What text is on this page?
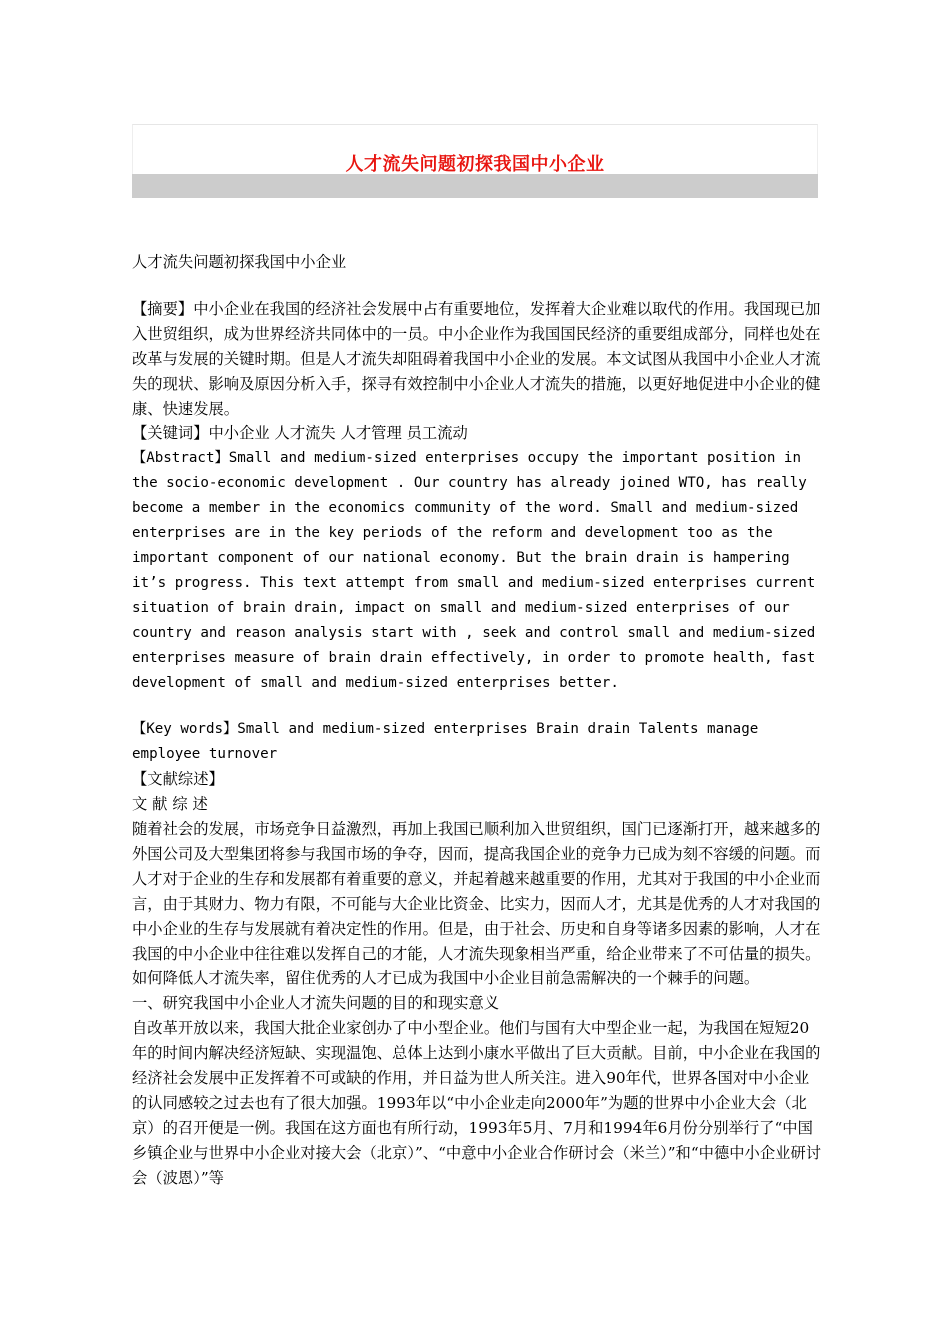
人才流失问题初探我国中小企业

人才流失问题初探我国中小企业

【摘要】中小企业在我国的经济社会发展中占有重要地位，发挥着大企业难以取代的作用。我国现已加入世贸组织，成为世界经济共同体中的一员。中小企业作为我国国民经济的重要组成部分，同样也处在改革与发展的关键时期。但是人才流失却阻碍着我国中小企业的发展。本文试图从我国中小企业人才流失的现状、影响及原因分析入手，探寻有效控制中小企业人才流失的措施，以更好地促进中小企业的健康、快速发展。

【关键词】中小企业 人才流失 人才管理 员工流动

【Abstract】Small and medium-sized enterprises occupy the important position in the socio-economic development . Our country has already joined WTO, has really become a member in the economics community of the word. Small and medium-sized enterprises are in the key periods of the reform and development too as the important component of our national economy. But the brain drain is hampering it’s progress. This text attempt from small and medium-sized enterprises current situation of brain drain, impact on small and medium-sized enterprises of our country and reason analysis start with , seek and control small and medium-sized enterprises measure of brain drain effectively, in order to promote health, fast development of small and medium-sized enterprises better.

【Key words】Small and medium-sized enterprises Brain drain Talents manage employee turnover

【文献综述】

文 献 综 述

随着社会的发展，市场竞争日益激烈，再加上我国已顺利加入世贸组织，国门已逐渐打开，越来越多的外国公司及大型集团将参与我国市场的争夺，因而，提高我国企业的竞争力已成为刻不容缓的问题。而人才对于企业的生存和发展都有着重要的意义，并起着越来越重要的作用，尤其对于我国的中小企业而言，由于其财力、物力有限，不可能与大企业比资金、比实力，因而人才，尤其是优秀的人才对我国的中小企业的生存与发展就有着决定性的作用。但是，由于社会、历史和自身等诸多因素的影响，人才在我国的中小企业中往往难以发挥自己的才能，人才流失现象相当严重，给企业带来了不可估量的损失。如何降低人才流失率，留住优秀的人才已成为我国中小企业目前急需解决的一个棘手的问题。

一、研究我国中小企业人才流失问题的目的和现实意义

自改革开放以来，我国大批企业家创办了中小型企业。他们与国有大中型企业一起，为我国在短短20年的时间内解决经济短缺、实现温饱、总体上达到小康水平做出了巨大贡献。目前，中小企业在我国的经济社会发展中正发挥着不可或缺的作用，并日益为世人所关注。进入90年代，世界各国对中小企业的认同感较之过去也有了很大加强。1993年以“中小企业走向2000年”为题的世界中小企业大会（北京）的召开便是一例。我国在这方面也有所行动，1993年5月、7月和1994年6月份分别举行了“中国乡镇企业与世界中小企业对接大会（北京）”、“中意中小企业合作研讨会（米兰）”和“中德中小企业研讨会（波恩）”等
